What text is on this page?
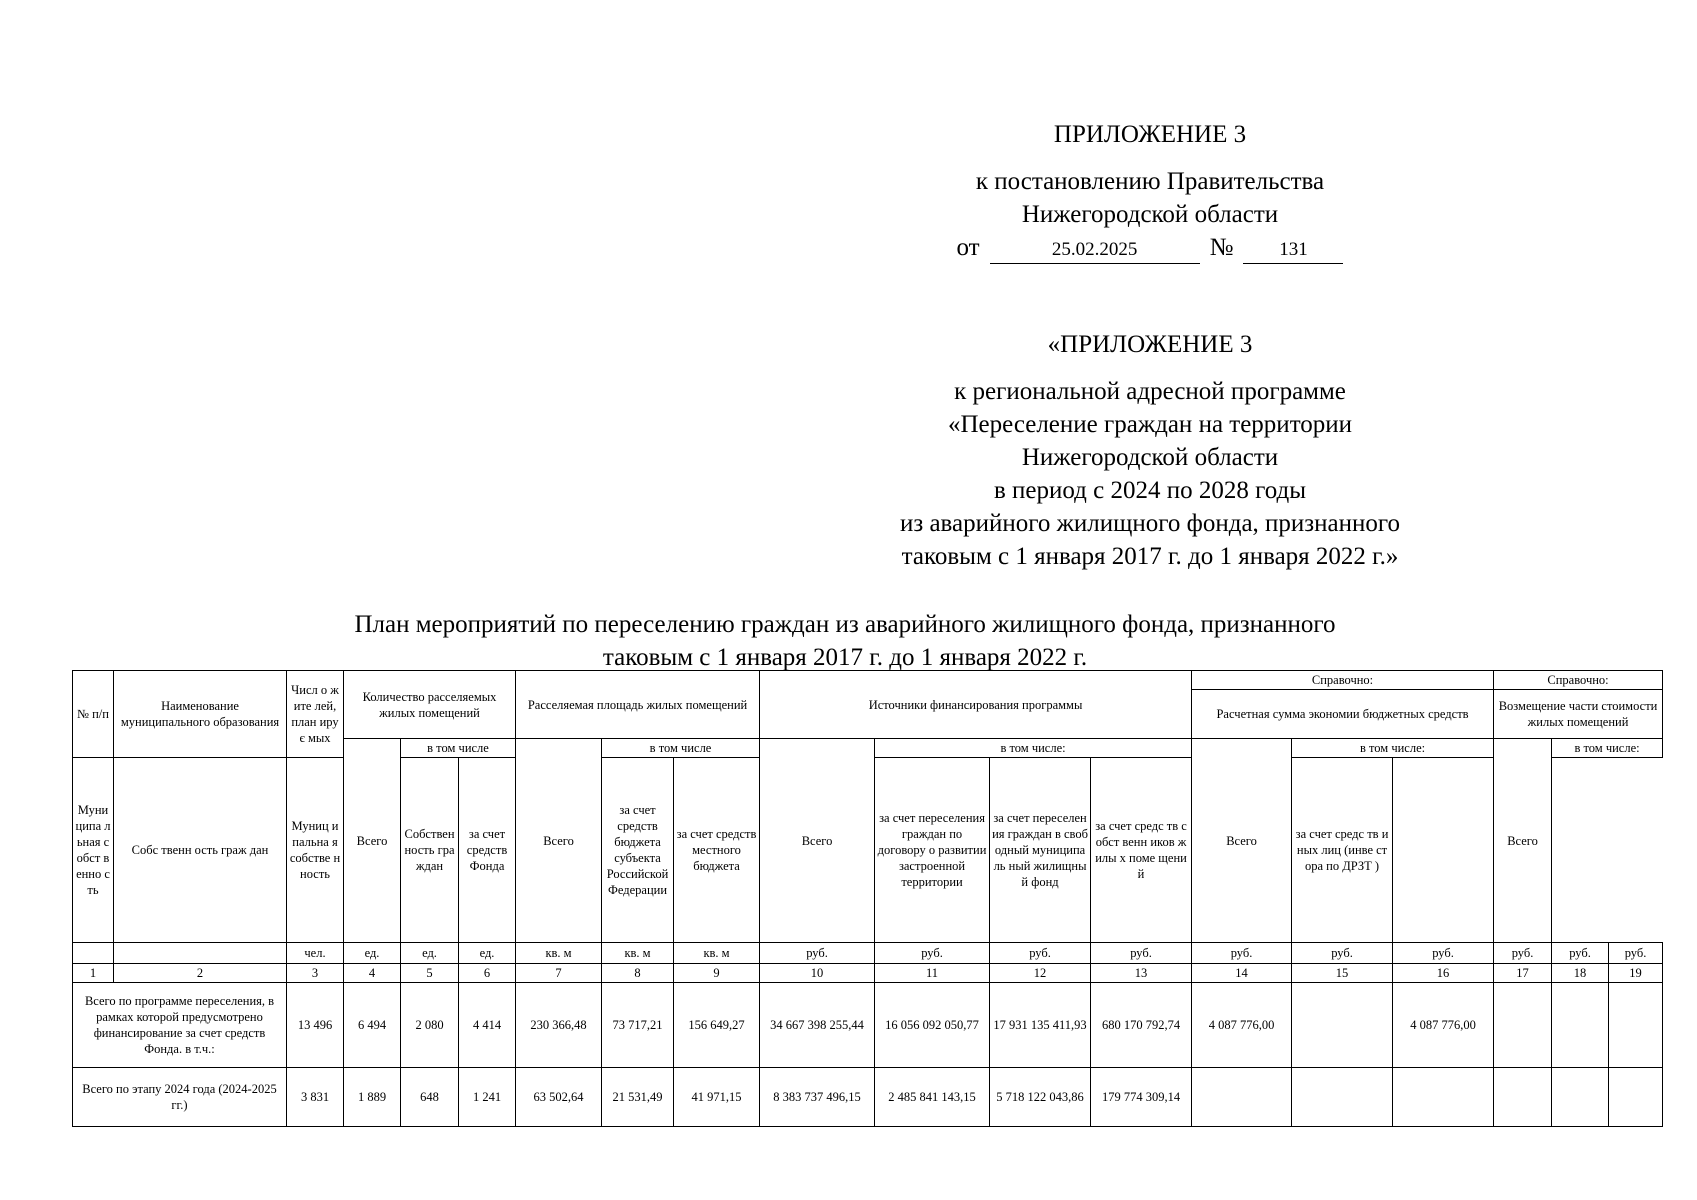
ПРИЛОЖЕНИЕ 3
к постановлению Правительства
Нижегородской области
от	25.02.2025	№	131
«ПРИЛОЖЕНИЕ 3
к региональной адресной программе
«Переселение граждан на территории
Нижегородской области
в период с 2024 по 2028 годы
из аварийного жилищного фонда, признанного
таковым с 1 января 2017 г. до 1 января 2022 г.»
План мероприятий по переселению граждан из аварийного жилищного фонда, признанного
таковым с 1 января 2017 г. до 1 января 2022 г.
№ п/п	Наименование муниципального образования	Числ о жите лей, план ирує мых	Количество расселяемых жилых помещений			Расселяемая площадь жилых помещений			Источники финансирования программы				Справочно:			Справочно:		
													Расчетная сумма экономии бюджетных средств			Возмещение части стоимости жилых помещений		
			Всего	в том числе		Всего	в том числе		Всего	в том числе:			Всего	в том числе:		Всего	в том числе:	
Муни ципа льная собст венно сть	Собс твенн ость граж дан	Муниц ипальна я собстве нность		Собствен ность граждан	за счет средств Фонда		за счет средств бюджета субъекта Российской Федерации	за счет средств местного бюджета		за счет переселения граждан по договору о развитии застроенной территории	за счет переселения граждан в свободный муниципаль ный жилищный фонд	за счет средс тв собст венн иков жилы х поме щени й		за счет средс тв иных лиц (инве стора по ДРЗТ )				
		чел.	ед.	ед.	ед.	кв. м	кв. м	кв. м	руб.	руб.	руб.	руб.	руб.	руб.	руб.	руб.	руб.	руб.
1	2	3	4	5	6	7	8	9	10	11	12	13	14	15	16	17	18	19
Всего по программе переселения, в рамках которой предусмотрено финансирование за счет средств Фонда. в т.ч.:		13 496	6 494	2 080	4 414	230 366,48	73 717,21	156 649,27	34 667 398 255,44	16 056 092 050,77	17 931 135 411,93	680 170 792,74	4 087 776,00		4 087 776,00			
Всего по этапу 2024 года (2024-2025 гг.)		3 831	1 889	648	1 241	63 502,64	21 531,49	41 971,15	8 383 737 496,15	2 485 841 143,15	5 718 122 043,86	179 774 309,14						
